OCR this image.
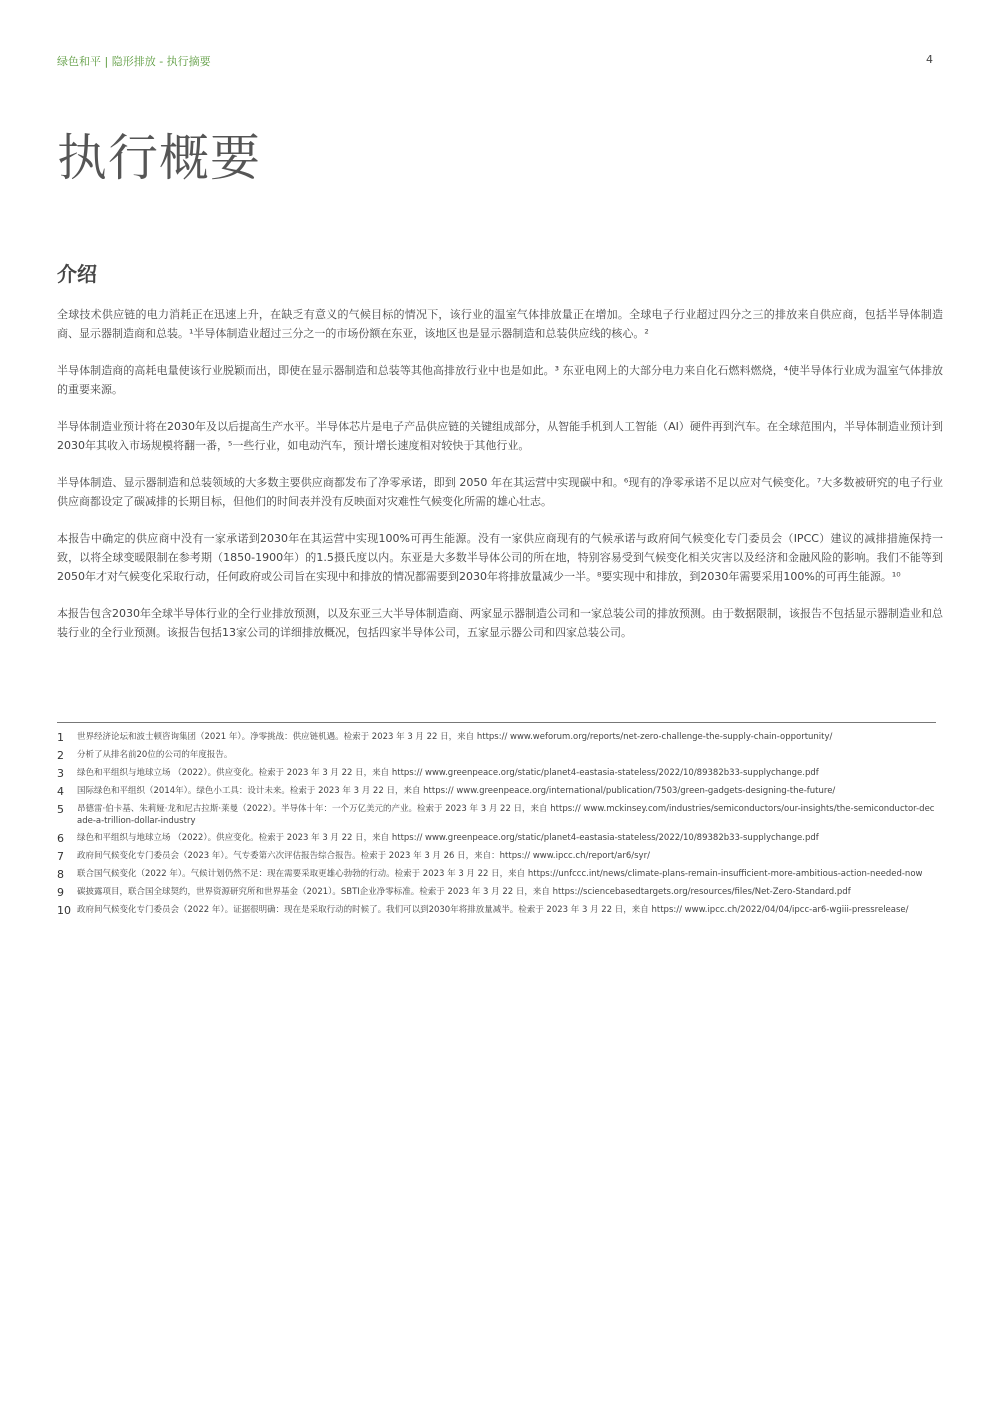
绿色和平 | 隐形排放 - 执行摘要	4
执行概要
介绍

全球技术供应链的电力消耗正在迅速上升，在缺乏有意义的气候目标的情况下，该行业的温室气体排放量正在增加。全球电子行业超过四分之三的排放来自供应商，包括半导体制造商、显示器制造商和总装。¹半导体制造业超过三分之一的市场份额在东亚，该地区也是显示器制造和总装供应线的核心。²

半导体制造商的高耗电量使该行业脱颖而出，即使在显示器制造和总装等其他高排放行业中也是如此。³ 东亚电网上的大部分电力来自化石燃料燃烧，⁴使半导体行业成为温室气体排放的重要来源。

半导体制造业预计将在2030年及以后提高生产水平。半导体芯片是电子产品供应链的关键组成部分，从智能手机到人工智能（AI）硬件再到汽车。在全球范围内，半导体制造业预计到2030年其收入市场规模将翻一番，⁵一些行业，如电动汽车，预计增长速度相对较快于其他行业。

半导体制造、显示器制造和总装领域的大多数主要供应商都发布了净零承诺，即到 2050 年在其运营中实现碳中和。⁶现有的净零承诺不足以应对气候变化。⁷大多数被研究的电子行业供应商都设定了碳减排的长期目标，但他们的时间表并没有反映面对灾难性气候变化所需的雄心壮志。

本报告中确定的供应商中没有一家承诺到2030年在其运营中实现100%可再生能源。没有一家供应商现有的气候承诺与政府间气候变化专门委员会（IPCC）建议的减排措施保持一致，以将全球变暖限制在参考期（1850-1900年）的1.5摄氏度以内。东亚是大多数半导体公司的所在地，特别容易受到气候变化相关灾害以及经济和金融风险的影响。我们不能等到2050年才对气候变化采取行动，任何政府或公司旨在实现中和排放的情况都需要到2030年将排放量减少一半。⁸要实现中和排放，到2030年需要采用100%的可再生能源。¹⁰

本报告包含2030年全球半导体行业的全行业排放预测，以及东亚三大半导体制造商、两家显示器制造公司和一家总装公司的排放预测。由于数据限制，该报告不包括显示器制造业和总装行业的全行业预测。该报告包括13家公司的详细排放概况，包括四家半导体公司，五家显示器公司和四家总装公司。

1	世界经济论坛和波士顿咨询集团（2021 年）。净零挑战：供应链机遇。检索于 2023 年 3 月 22 日，来自 https:// www.weforum.org/reports/net-zero-challenge-the-supply-chain-opportunity/
2	分析了从排名前20位的公司的年度报告。
3	绿色和平组织与地球立场 （2022）。供应变化。检索于 2023 年 3 月 22 日，来自 https:// www.greenpeace.org/static/planet4-eastasia-stateless/2022/10/89382b33-supplychange.pdf
4	国际绿色和平组织（2014年）。绿色小工具：设计未来。检索于 2023 年 3 月 22 日，来自 https:// www.greenpeace.org/international/publication/7503/green-gadgets-designing-the-future/
5	昂德雷·伯卡基、朱莉娅·龙和尼古拉斯·莱曼（2022）。半导体十年：一个万亿美元的产业。检索于 2023 年 3 月 22 日，来自 https:// www.mckinsey.com/industries/semiconductors/our-insights/the-semiconductor-decade-a-trillion-dollar-industry
6	绿色和平组织与地球立场 （2022）。供应变化。检索于 2023 年 3 月 22 日，来自 https:// www.greenpeace.org/static/planet4-eastasia-stateless/2022/10/89382b33-supplychange.pdf
7	政府间气候变化专门委员会（2023 年）。气专委第六次评估报告综合报告。检索于 2023 年 3 月 26 日，来自：https:// www.ipcc.ch/report/ar6/syr/
8	联合国气候变化（2022 年）。气候计划仍然不足：现在需要采取更雄心勃勃的行动。检索于 2023 年 3 月 22 日，来自 https://unfccc.int/news/climate-plans-remain-insufficient-more-ambitious-action-needed-now
9	碳披露项目，联合国全球契约，世界资源研究所和世界基金（2021）。SBTI企业净零标准。检索于 2023 年 3 月 22 日，来自 https://sciencebasedtargets.org/resources/files/Net-Zero-Standard.pdf
10 政府间气候变化专门委员会（2022 年）。证据很明确：现在是采取行动的时候了。我们可以到2030年将排放量减半。检索于 2023 年 3 月 22 日，来自 https:// www.ipcc.ch/2022/04/04/ipcc-ar6-wgiii-pressrelease/
